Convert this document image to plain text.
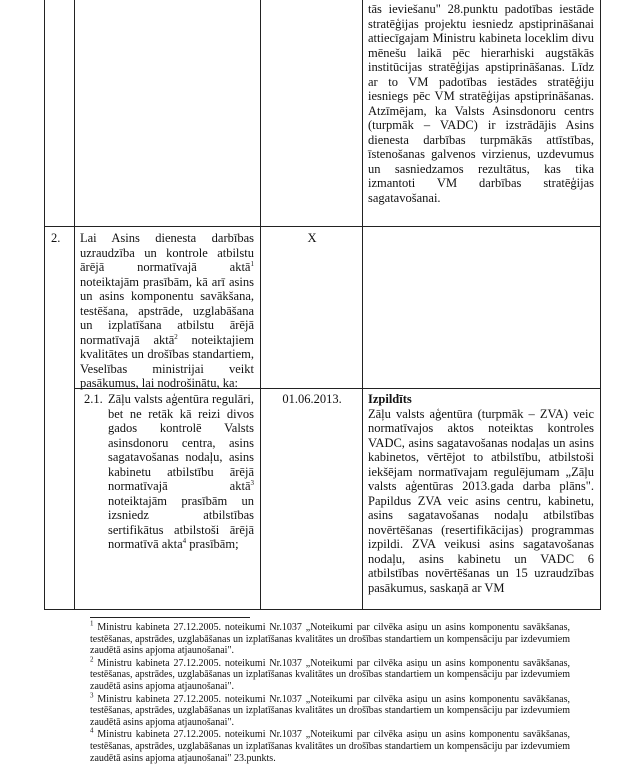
tās ieviešanu" 28.punktu padotības iestāde stratēģijas projektu iesniedz apstiprināšanai attiecīgajam Ministru kabineta loceklim divu mēnešu laikā pēc hierarhiski augstākās institūcijas stratēģijas apstiprināšanas. Līdz ar to VM padotības iestādes stratēģiju iesniegs pēc VM stratēģijas apstiprināšanas. Atzīmējam, ka Valsts Asinsdonoru centrs (turpmāk – VADC) ir izstrādājis Asins dienesta darbības turpmākās attīstības, īstenošanas galvenos virzienus, uzdevumus un sasniedzamos rezultātus, kas tika izmantoti VM darbības stratēģijas sagatavošanai.

2. Lai Asins dienesta darbības uzraudzība un kontrole atbilstu ārējā normatīvajā aktā$^1$ noteiktajām prasībām, kā arī asins un asins komponentu savākšana, testēšana, apstrāde, uzglabāšana un izplatīšana atbilstu ārējā normatīvajā aktā$^2$ noteiktajiem kvalitātes un drošības standartiem, Veselības ministrijai veikt pasākumus, lai nodrošinātu, ka:

X
2.1. Zāļu valsts aģentūra regulāri, bet ne retāk kā reizi divos gados kontrolē Valsts asinsdonoru centra, asins sagatavošanas nodaļu, asins kabinetu atbilstību ārējā normatīvajā aktā$^3$ noteiktajām prasībām un izsniedz atbilstības sertifikātus atbilstoši ārējā normatīvā akta$^4$ prasībām;

01.06.2013.	Izpildīts

Zāļu valsts aģentūra (turpmāk – ZVA) veic normatīvajos aktos noteiktas kontroles VADC, asins sagatavošanas nodaļas un asins kabinetos, vērtējot to atbilstību, atbilstoši iekšējam normatīvajam regulējumam „Zāļu valsts aģentūras 2013.gada darba plāns". Papildus ZVA veic asins centru, kabinetu, asins sagatavošanas nodaļu atbilstības novērtēšanas (resertifikācijas) programmas izpildi. ZVA veikusi asins sagatavošanas nodaļu, asins kabinetu un VADC 6 atbilstības novērtēšanas un 15 uzraudzības pasākumus, saskaņā ar VM

$^1$ Ministru kabineta 27.12.2005. noteikumi Nr.1037 „Noteikumi par cilvēka asiņu un asins komponentu savākšanas, testēšanas, apstrādes, uzglabāšanas un izplatīšanas kvalitātes un drošības standartiem un kompensāciju par izdevumiem zaudētā asins apjoma atjaunošanai".

$^2$ Ministru kabineta 27.12.2005. noteikumi Nr.1037 „Noteikumi par cilvēka asiņu un asins komponentu savākšanas, testēšanas, apstrādes, uzglabāšanas un izplatīšanas kvalitātes un drošības standartiem un kompensāciju par izdevumiem zaudētā asins apjoma atjaunošanai".

$^3$ Ministru kabineta 27.12.2005. noteikumi Nr.1037 „Noteikumi par cilvēka asiņu un asins komponentu savākšanas, testēšanas, apstrādes, uzglabāšanas un izplatīšanas kvalitātes un drošības standartiem un kompensāciju par izdevumiem zaudētā asins apjoma atjaunošanai".

$^4$ Ministru kabineta 27.12.2005. noteikumi Nr.1037 „Noteikumi par cilvēka asiņu un asins komponentu savākšanas, testēšanas, apstrādes, uzglabāšanas un izplatīšanas kvalitātes un drošības standartiem un kompensāciju par izdevumiem zaudētā asins apjoma atjaunošanai" 23.punkts.
